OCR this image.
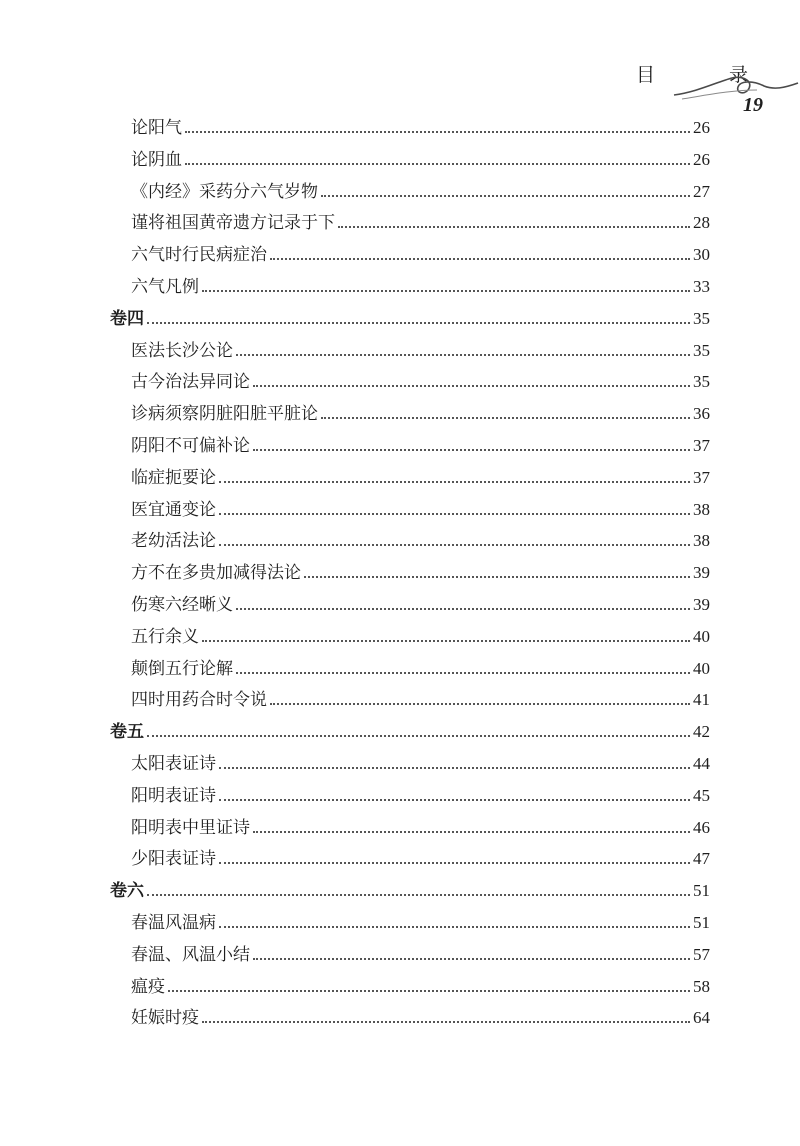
目 录
19
论阳气	26
论阴血	26
《内经》采药分六气岁物	27
谨将祖国黄帝遗方记录于下	28
六气时行民病症治	30
六气凡例	33
卷四	35
医法长沙公论	35
古今治法异同论	35
诊病须察阴脏阳脏平脏论	36
阴阳不可偏补论	37
临症扼要论	37
医宜通变论	38
老幼活法论	38
方不在多贵加减得法论	39
伤寒六经晰义	39
五行余义	40
颠倒五行论解	40
四时用药合时令说	41
卷五	42
太阳表证诗	44
阳明表证诗	45
阳明表中里证诗	46
少阳表证诗	47
卷六	51
春温风温病	51
春温、风温小结	57
瘟疫	58
妊娠时疫	64
